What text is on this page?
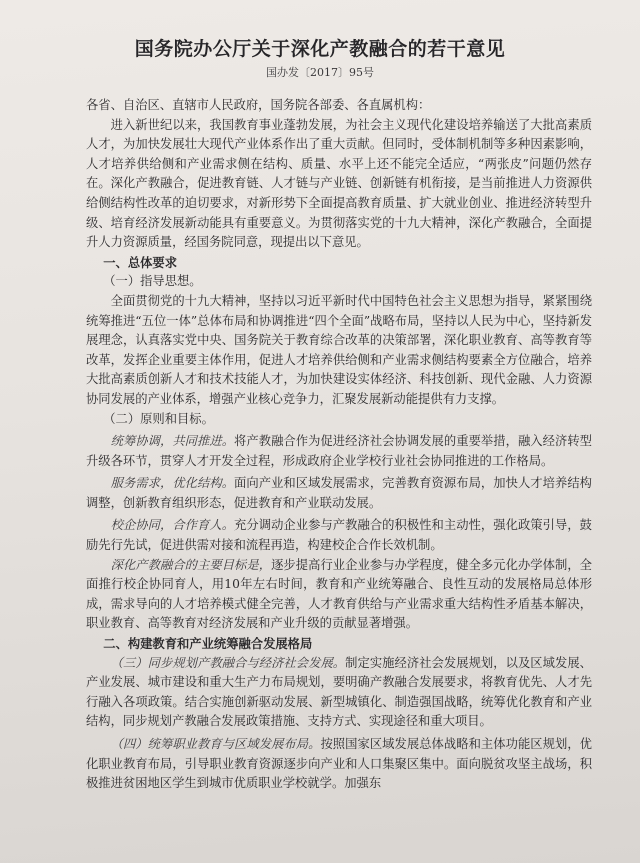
国务院办公厅关于深化产教融合的若干意见
国办发〔2017〕95号

各省、自治区、直辖市人民政府，国务院各部委、各直属机构：

进入新世纪以来，我国教育事业蓬勃发展，为社会主义现代化建设培养输送了大批高素质人才，为加快发展壮大现代产业体系作出了重大贡献。但同时，受体制机制等多种因素影响，人才培养供给侧和产业需求侧在结构、质量、水平上还不能完全适应，“两张皮”问题仍然存在。深化产教融合，促进教育链、人才链与产业链、创新链有机衔接，是当前推进人力资源供给侧结构性改革的迫切要求，对新形势下全面提高教育质量、扩大就业创业、推进经济转型升级、培育经济发展新动能具有重要意义。为贯彻落实党的十九大精神，深化产教融合，全面提升人力资源质量，经国务院同意，现提出以下意见。

一、总体要求

（一）指导思想。

全面贯彻党的十九大精神，坚持以习近平新时代中国特色社会主义思想为指导，紧紧围绕统筹推进“五位一体”总体布局和协调推进“四个全面”战略布局，坚持以人民为中心，坚持新发展理念，认真落实党中央、国务院关于教育综合改革的决策部署，深化职业教育、高等教育等改革，发挥企业重要主体作用，促进人才培养供给侧和产业需求侧结构要素全方位融合，培养大批高素质创新人才和技术技能人才，为加快建设实体经济、科技创新、现代金融、人力资源协同发展的产业体系，增强产业核心竞争力，汇聚发展新动能提供有力支撑。

（二）原则和目标。

统筹协调，共同推进。将产教融合作为促进经济社会协调发展的重要举措，融入经济转型升级各环节，贯穿人才开发全过程，形成政府企业学校行业社会协同推进的工作格局。

服务需求，优化结构。面向产业和区域发展需求，完善教育资源布局，加快人才培养结构调整，创新教育组织形态，促进教育和产业联动发展。

校企协同，合作育人。充分调动企业参与产教融合的积极性和主动性，强化政策引导，鼓励先行先试，促进供需对接和流程再造，构建校企合作长效机制。

深化产教融合的主要目标是，逐步提高行业企业参与办学程度，健全多元化办学体制，全面推行校企协同育人，用10年左右时间，教育和产业统筹融合、良性互动的发展格局总体形成，需求导向的人才培养模式健全完善，人才教育供给与产业需求重大结构性矛盾基本解决，职业教育、高等教育对经济发展和产业升级的贡献显著增强。

二、构建教育和产业统筹融合发展格局

（三）同步规划产教融合与经济社会发展。制定实施经济社会发展规划，以及区域发展、产业发展、城市建设和重大生产力布局规划，要明确产教融合发展要求，将教育优先、人才先行融入各项政策。结合实施创新驱动发展、新型城镇化、制造强国战略，统筹优化教育和产业结构，同步规划产教融合发展政策措施、支持方式、实现途径和重大项目。

（四）统筹职业教育与区域发展布局。按照国家区域发展总体战略和主体功能区规划，优化职业教育布局，引导职业教育资源逐步向产业和人口集聚区集中。面向脱贫攻坚主战场，积极推进贫困地区学生到城市优质职业学校就学。加强东
